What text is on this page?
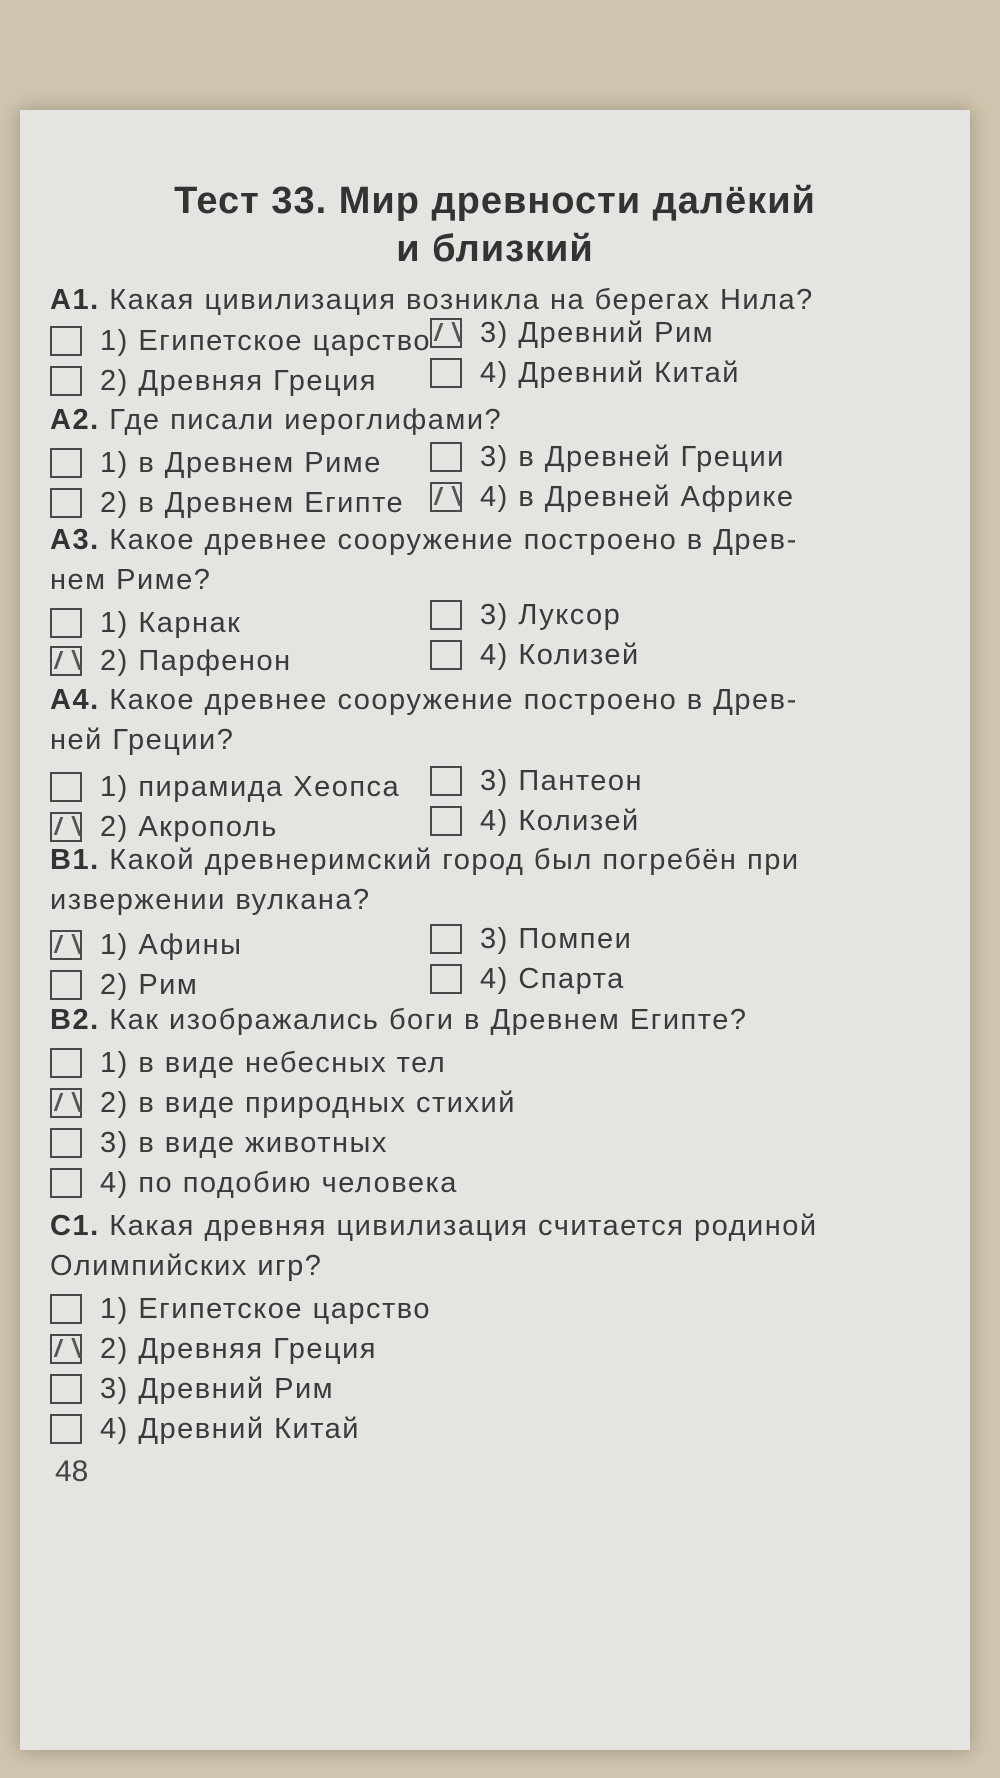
Тест 33. Мир древности далёкий
и близкий
А1. Какая цивилизация возникла на берегах Нила?
1) Египетское царство 3) Древний Рим
2) Древняя Греция	4) Древний Китай
А2. Где писали иероглифами?
1) в Древнем Риме	3) в Древней Греции
2) в Древнем Египте	4) в Древней Африке
А3. Какое древнее сооружение построено в Древ-
нем Риме?
1) Карнак	3) Луксор
2) Парфенон	4) Колизей
А4. Какое древнее сооружение построено в Древ-
ней Греции?
1) пирамида Хеопса	3) Пантеон
2) Акрополь	4) Колизей
В1. Какой древнеримский город был погребён при
извержении вулкана?
1) Афины	3) Помпеи
2) Рим	4) Спарта
В2. Как изображались боги в Древнем Египте?
1) в виде небесных тел
2) в виде природных стихий
3) в виде животных
4) по подобию человека
С1. Какая древняя цивилизация считается родиной
Олимпийских игр?
1) Египетское царство
2) Древняя Греция
3) Древний Рим
4) Древний Китай
48
